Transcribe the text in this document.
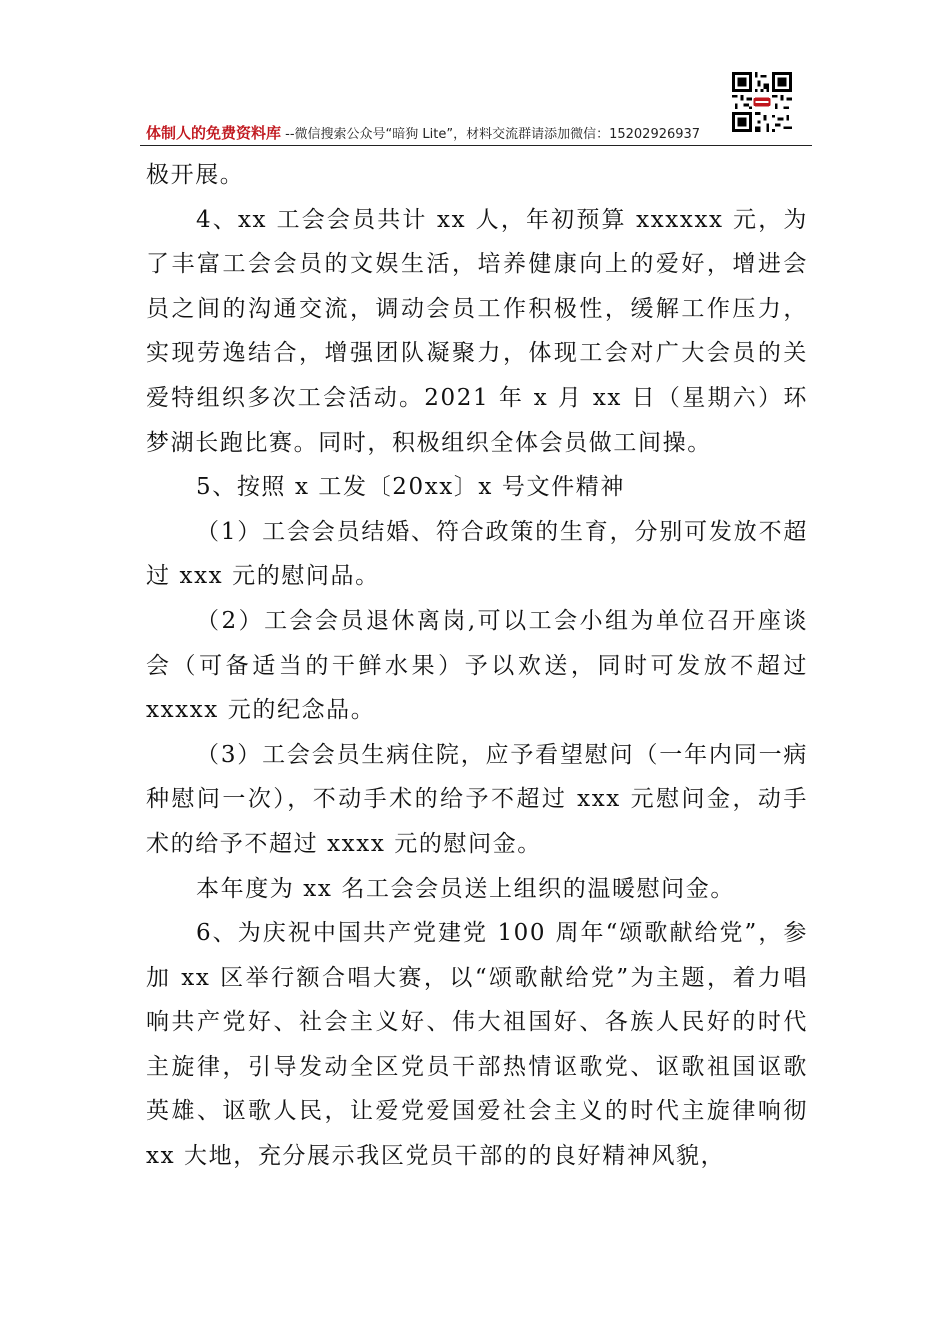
体制人的免费资料库 --微信搜索公众号“暗狗 Lite”，材料交流群请添加微信：15202926937

极开展。

4、xx 工会会员共计 xx 人，年初预算 xxxxxx 元，为了丰富工会会员的文娱生活，培养健康向上的爱好，增进会员之间的沟通交流，调动会员工作积极性，缓解工作压力，实现劳逸结合，增强团队凝聚力，体现工会对广大会员的关爱特组织多次工会活动。2021 年 x 月 xx 日（星期六）环梦湖长跑比赛。同时，积极组织全体会员做工间操。

5、按照 x 工发〔20xx〕x 号文件精神

（1）工会会员结婚、符合政策的生育，分别可发放不超过 xxx 元的慰问品。

（2）工会会员退休离岗,可以工会小组为单位召开座谈会（可备适当的干鲜水果）予以欢送，同时可发放不超过 xxxxx 元的纪念品。

（3）工会会员生病住院，应予看望慰问（一年内同一病种慰问一次），不动手术的给予不超过 xxx 元慰问金，动手术的给予不超过 xxxx 元的慰问金。

本年度为 xx 名工会会员送上组织的温暖慰问金。

6、为庆祝中国共产党建党 100 周年“颂歌献给党”，参加 xx 区举行额合唱大赛，以“颂歌献给党”为主题，着力唱响共产党好、社会主义好、伟大祖国好、各族人民好的时代主旋律，引导发动全区党员干部热情讴歌党、讴歌祖国讴歌英雄、讴歌人民，让爱党爱国爱社会主义的时代主旋律响彻 xx 大地，充分展示我区党员干部的的良好精神风貌，
